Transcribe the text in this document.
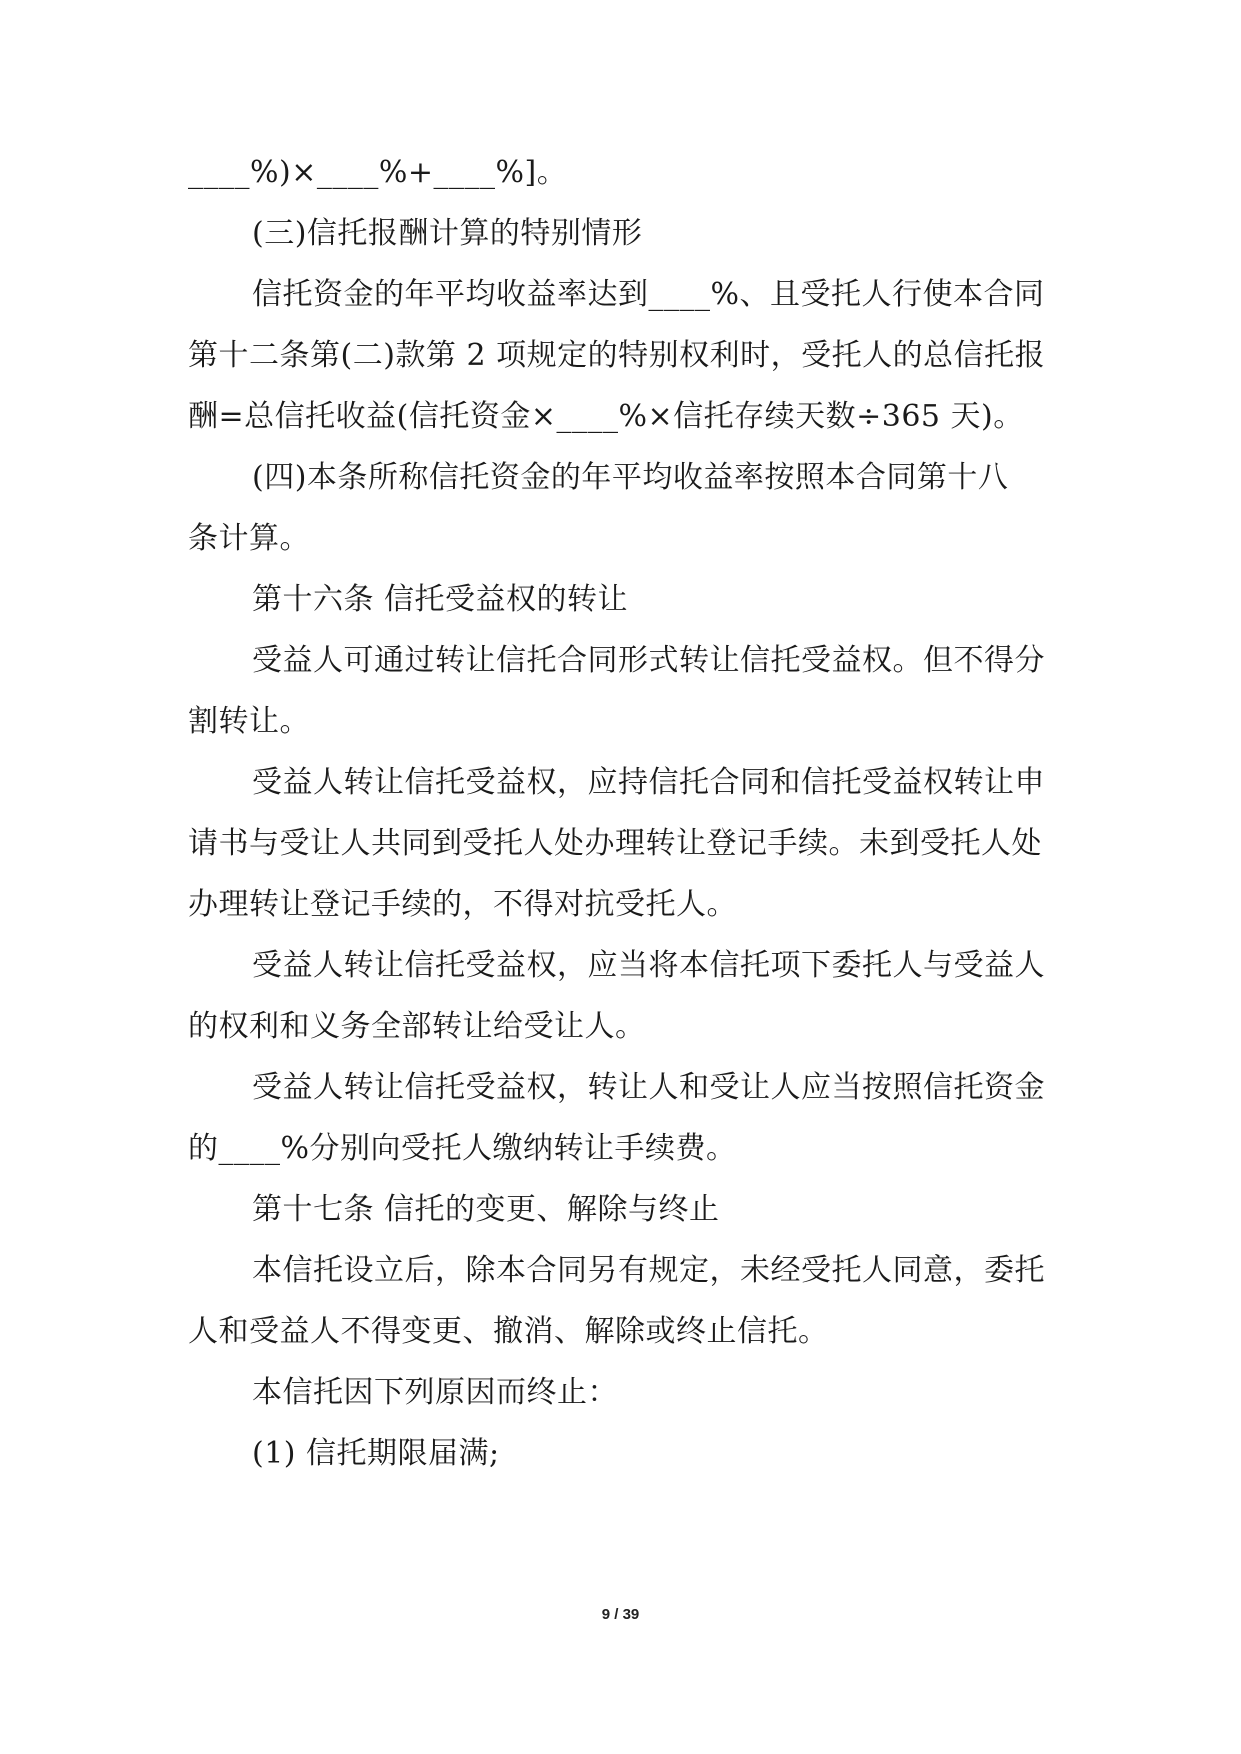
____%)×____%+____%]。
(三)信托报酬计算的特别情形
信托资金的年平均收益率达到____%、且受托人行使本合同
第十二条第(二)款第 2 项规定的特别权利时，受托人的总信托报
酬=总信托收益(信托资金×____%×信托存续天数÷365 天)。
(四)本条所称信托资金的年平均收益率按照本合同第十八
条计算。
第十六条 信托受益权的转让
受益人可通过转让信托合同形式转让信托受益权。但不得分
割转让。
受益人转让信托受益权，应持信托合同和信托受益权转让申
请书与受让人共同到受托人处办理转让登记手续。未到受托人处
办理转让登记手续的，不得对抗受托人。
受益人转让信托受益权，应当将本信托项下委托人与受益人
的权利和义务全部转让给受让人。
受益人转让信托受益权，转让人和受让人应当按照信托资金
的____%分别向受托人缴纳转让手续费。
第十七条 信托的变更、解除与终止
本信托设立后，除本合同另有规定，未经受托人同意，委托
人和受益人不得变更、撤消、解除或终止信托。
本信托因下列原因而终止：
(1) 信托期限届满;
9 / 39
